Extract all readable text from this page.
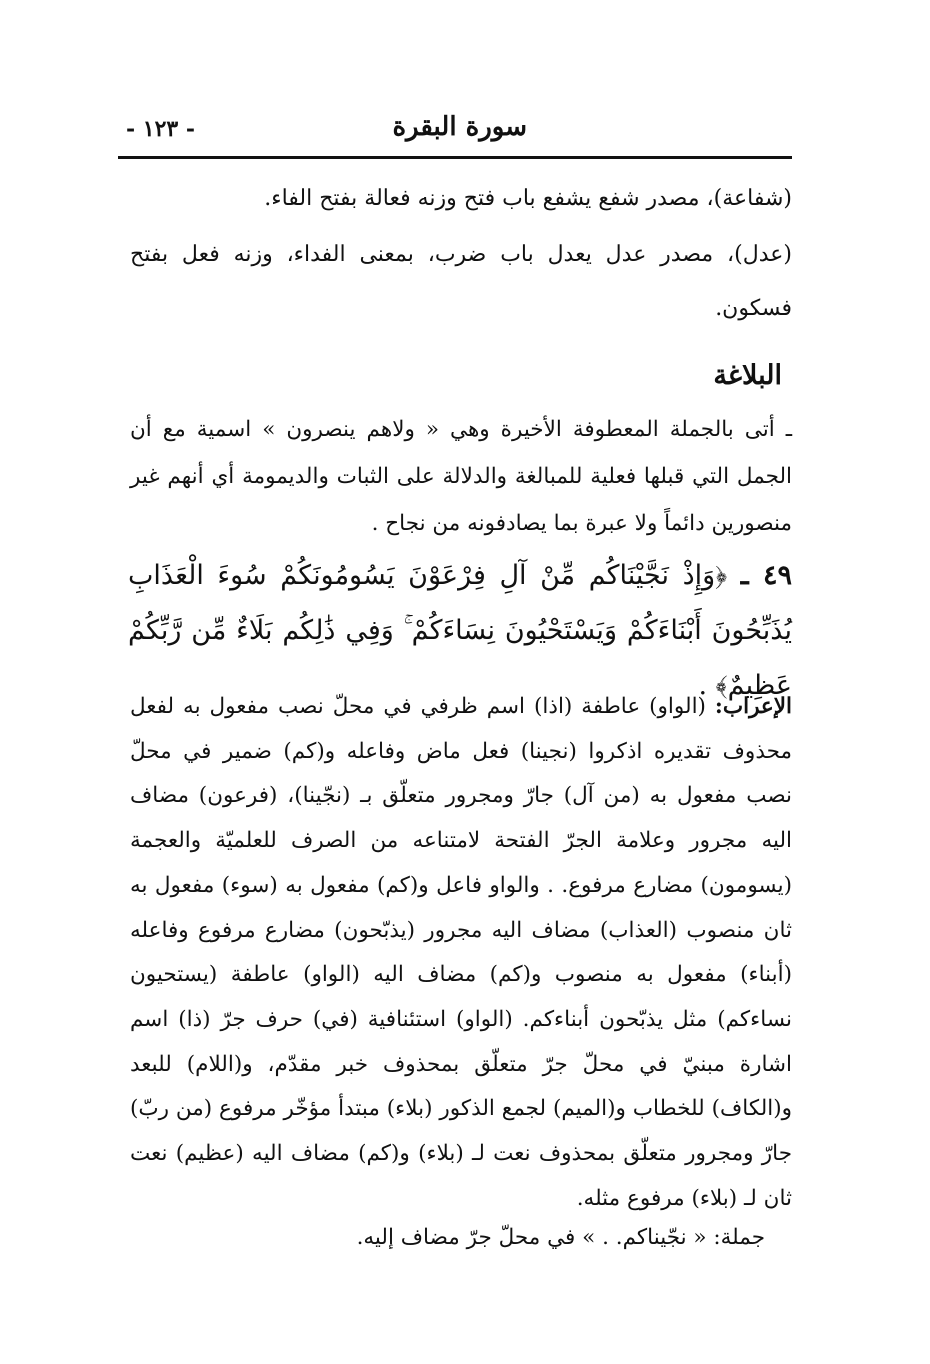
سورة البقرة
- ١٢٣ -

(شفاعة)، مصدر شفع يشفع باب فتح وزنه فعالة بفتح الفاء.

(عدل)، مصدر عدل يعدل باب ضرب، بمعنى الفداء، وزنه فعل بفتح فسكون.

البلاغة

ـ أتى بالجملة المعطوفة الأخيرة وهي « ولاهم ينصرون » اسمية مع أن الجمل التي قبلها فعلية للمبالغة والدلالة على الثبات والديمومة أي أنهم غير منصورين دائماً ولا عبرة بما يصادفونه من نجاح .

٤٩ ـ ﴿وَإِذْ نَجَّيْنَاكُم مِّنْ آلِ فِرْعَوْنَ يَسُومُونَكُمْ سُوءَ الْعَذَابِ يُذَبِّحُونَ أَبْنَاءَكُمْ وَيَسْتَحْيُونَ نِسَاءَكُمْ ۚ وَفِي ذَٰلِكُم بَلَاءٌ مِّن رَّبِّكُمْ عَظِيمٌ﴾ .

الإعراب: (الواو) عاطفة (اذا) اسم ظرفي في محلّ نصب مفعول به لفعل محذوف تقديره اذكروا (نجينا) فعل ماض وفاعله و(كم) ضمير في محلّ نصب مفعول به (من آل) جارّ ومجرور متعلّق بـ (نجّينا)، (فرعون) مضاف اليه مجرور وعلامة الجرّ الفتحة لامتناعه من الصرف للعلميّة والعجمة (يسومون) مضارع مرفوع. . والواو فاعل و(كم) مفعول به (سوء) مفعول به ثان منصوب (العذاب) مضاف اليه مجرور (يذبّحون) مضارع مرفوع وفاعله (أبناء) مفعول به منصوب و(كم) مضاف اليه (الواو) عاطفة (يستحيون نساءكم) مثل يذبّحون أبناءكم. (الواو) استئنافية (في) حرف جرّ (ذا) اسم اشارة مبنيّ في محلّ جرّ متعلّق بمحذوف خبر مقدّم، و(اللام) للبعد و(الكاف) للخطاب و(الميم) لجمع الذكور (بلاء) مبتدأ مؤخّر مرفوع (من ربّ) جارّ ومجرور متعلّق بمحذوف نعت لـ (بلاء) و(كم) مضاف اليه (عظيم) نعت ثان لـ (بلاء) مرفوع مثله.

جملة: « نجّيناكم. . » في محلّ جرّ مضاف إليه.
